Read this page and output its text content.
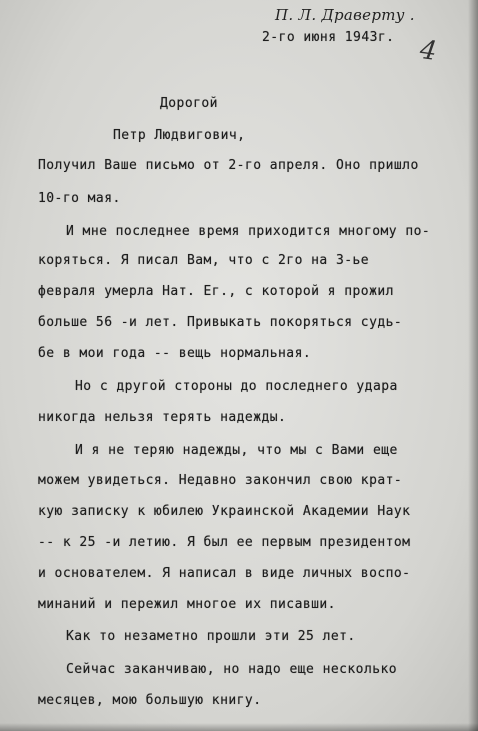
П. Л. Драверту .
2-го июня 1943г. 4
Дорогой
Петр Людвигович,
Получил Ваше письмо от 2-го апреля. Оно пришло
10-го мая.
И мне последнее время приходится многому по-
коряться. Я писал Вам, что с 2го на 3-ье
февраля умерла Нат. Ег., с которой я прожил
больше 56 -и лет. Привыкать покоряться судь-
бе в мои года -- вещь нормальная.
Но с другой стороны до последнего удара
никогда нельзя терять надежды.
И я не теряю надежды, что мы с Вами еще
можем увидеться. Недавно закончил свою крат-
кую записку к юбилею Украинской Академии Наук
-- к 25 -и летию. Я был ее первым президентом
и основателем. Я написал в виде личных воспо-
минаний и пережил многое их писавши.
Как то незаметно прошли эти 25 лет.
Сейчас заканчиваю, но надо еще несколько
месяцев, мою большую книгу.
